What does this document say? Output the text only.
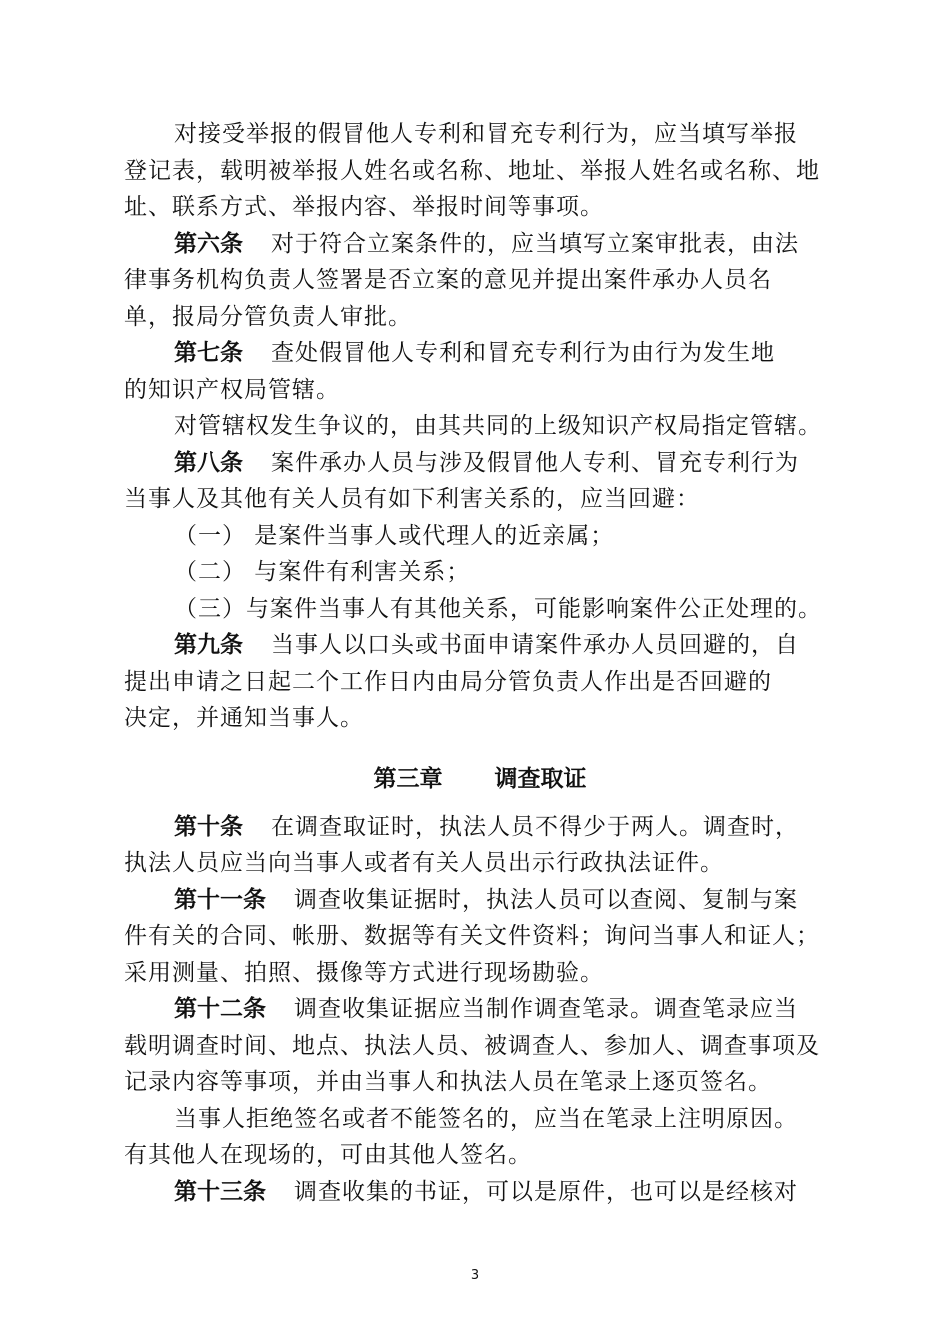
对接受举报的假冒他人专利和冒充专利行为，应当填写举报
登记表，载明被举报人姓名或名称、地址、举报人姓名或名称、地
址、联系方式、举报内容、举报时间等事项。
第六条 对于符合立案条件的，应当填写立案审批表，由法
律事务机构负责人签署是否立案的意见并提出案件承办人员名
单，报局分管负责人审批。
第七条 查处假冒他人专利和冒充专利行为由行为发生地
的知识产权局管辖。
对管辖权发生争议的，由其共同的上级知识产权局指定管辖。
第八条 案件承办人员与涉及假冒他人专利、冒充专利行为
当事人及其他有关人员有如下利害关系的，应当回避：
（一） 是案件当事人或代理人的近亲属；
（二） 与案件有利害关系；
（三）与案件当事人有其他关系，可能影响案件公正处理的。
第九条 当事人以口头或书面申请案件承办人员回避的，自
提出申请之日起二个工作日内由局分管负责人作出是否回避的
决定，并通知当事人。
第三章 调查取证
第十条 在调查取证时，执法人员不得少于两人。调查时，
执法人员应当向当事人或者有关人员出示行政执法证件。
第十一条 调查收集证据时，执法人员可以查阅、复制与案
件有关的合同、帐册、数据等有关文件资料；询问当事人和证人；
采用测量、拍照、摄像等方式进行现场勘验。
第十二条 调查收集证据应当制作调查笔录。调查笔录应当
载明调查时间、地点、执法人员、被调查人、参加人、调查事项及
记录内容等事项，并由当事人和执法人员在笔录上逐页签名。
当事人拒绝签名或者不能签名的，应当在笔录上注明原因。
有其他人在现场的，可由其他人签名。
第十三条 调查收集的书证，可以是原件，也可以是经核对
3
